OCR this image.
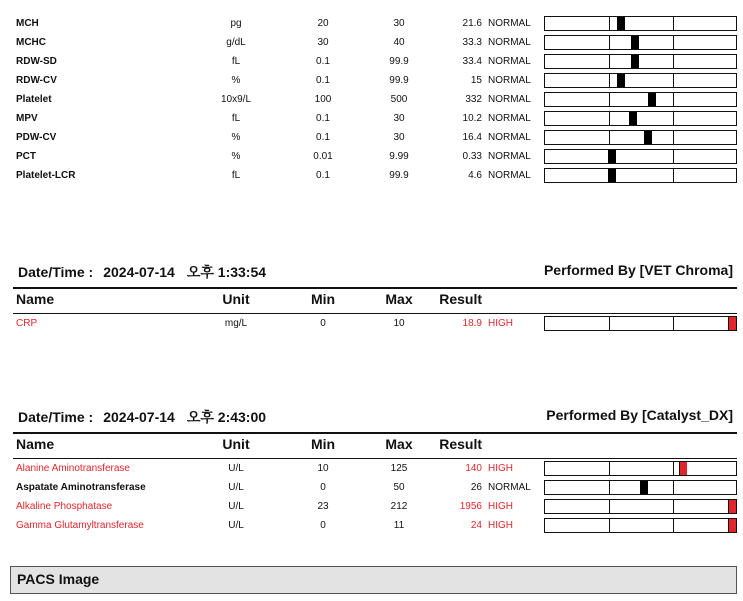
MCH	pg	20	30	21.6 NORMAL
MCHC	g/dL	30	40	33.3 NORMAL
RDW-SD	fL	0.1	99.9	33.4 NORMAL
RDW-CV	%	0.1	99.9	15 NORMAL
Platelet	10x9/L	100	500	332 NORMAL
MPV	fL	0.1	30	10.2 NORMAL
PDW-CV	%	0.1	30	16.4 NORMAL
PCT	%	0.01	9.99	0.33 NORMAL
Platelet-LCR	fL	0.1	99.9	4.6 NORMAL
Date/Time : 2024-07-14 오후 1:33:54	Performed By [VET Chroma]
Name	Unit	Min	Max	Result
CRP	mg/L	0	10	18.9 HIGH
Date/Time : 2024-07-14 오후 2:43:00	Performed By [Catalyst_DX]
Name	Unit	Min	Max	Result
Alanine Aminotransferase	U/L	10	125	140 HIGH
Aspatate Aminotransferase	U/L	0	50	26 NORMAL
Alkaline Phosphatase	U/L	23	212	1956 HIGH
Gamma Glutamyltransferase	U/L	0	11	24 HIGH
PACS Image
